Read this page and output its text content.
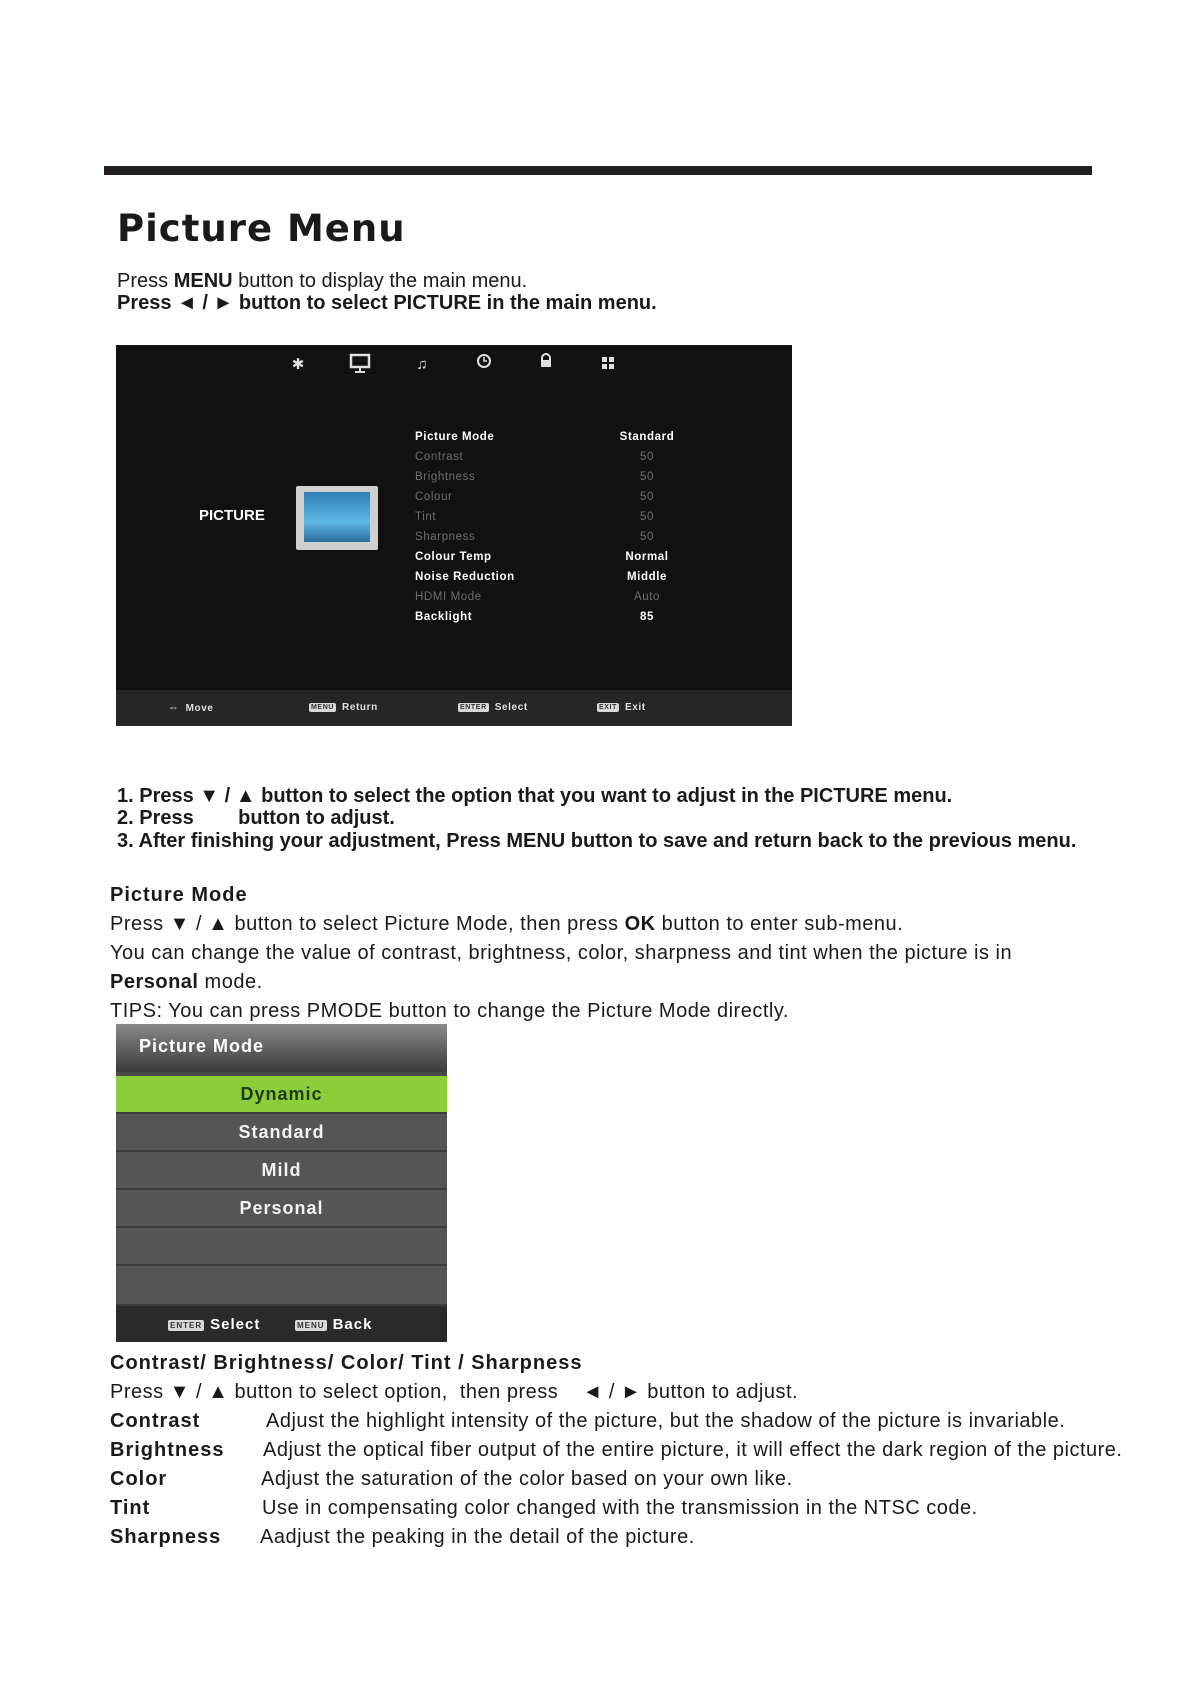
Picture Menu
Press MENU button to display the main menu.
Press ◄ / ► button to select PICTURE in the main menu.
✱	♫
PICTURE
Picture Mode	Standard
Contrast	50
Brightness	50
Colour	50
Tint	50
Sharpness	50
Colour Temp	Normal
Noise Reduction	Middle
HDMI Mode	Auto
Backlight	85
⇔ Move	MENU Return	ENTER Select	EXIT Exit
1. Press ▼ / ▲ button to select the option that you want to adjust in the PICTURE menu.
2. Press        button to adjust.
3. After finishing your adjustment, Press MENU button to save and return back to the previous menu.
Picture Mode
Press ▼ / ▲ button to select Picture Mode, then press OK button to enter sub-menu.
You can change the value of contrast, brightness, color, sharpness and tint when the picture is in
Personal mode.
TIPS: You can press PMODE button to change the Picture Mode directly.
Picture Mode
Dynamic
Standard
Mild
Personal
ENTER Select	MENU Back
Contrast/ Brightness/ Color/ Tint / Sharpness
Press ▼ / ▲ button to select option,  then press    ◄ / ► button to adjust.
Contrast	Adjust the highlight intensity of the picture, but the shadow of the picture is invariable.
Brightness Adjust the optical fiber output of the entire picture, it will effect the dark region of the picture.
Color	Adjust the saturation of the color based on your own like.
Tint	Use in compensating color changed with the transmission in the NTSC code.
Sharpness Aadjust the peaking in the detail of the picture.
